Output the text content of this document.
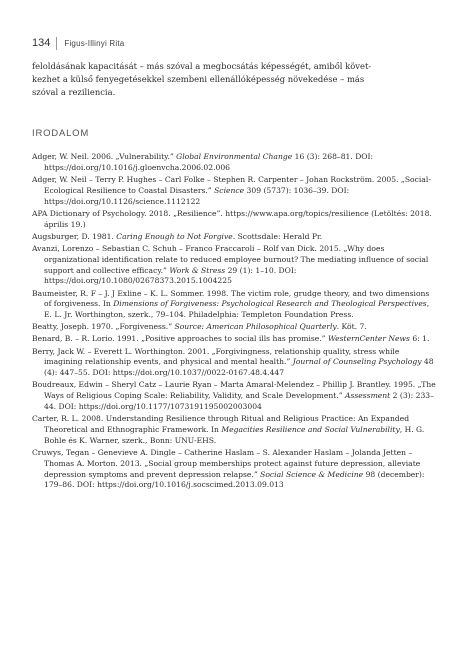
134	Figus-Illinyi Rita
feloldásának kapacitását – más szóval a megbocsátás képességét, amiből követ-
kezhet a külső fenyegetésekkel szembeni ellenállóképesség növekedése – más
szóval a reziliencia.
IRODALOM

Adger, W. Neil. 2006. „Vulnerability.” Global Environmental Change 16 (3): 268–81. DOI: https://doi.org/10.1016/j.gloenvcha.2006.02.006

Adger, W. Neil – Terry P. Hughes – Carl Folke – Stephen R. Carpenter – Johan Rockström. 2005. „Social-Ecological Resilience to Coastal Disasters.” Science 309 (5737): 1036–39. DOI: https://doi.org/10.1126/science.1112122

APA Dictionary of Psychology. 2018. „Resilience”. https://www.apa.org/topics/resilience (Letöltés: 2018. április 19.)

Augsburger, D. 1981. Caring Enough to Not Forgive. Scottsdale: Herald Pr.

Avanzi, Lorenzo – Sebastian C. Schuh – Franco Fraccaroli – Rolf van Dick. 2015. „Why does organizational identification relate to reduced employee burnout? The mediating influence of social support and collective efficacy.” Work & Stress 29 (1): 1–10. DOI: https://doi.org/10.1080/02678373.2015.1004225

Baumeister, R. F – J. J Exline – K. L. Sommer. 1998. The victim role, grudge theory, and two dimensions of forgiveness. In Dimensions of Forgiveness: Psychological Research and Theological Perspectives, E. L. Jr. Worthington, szerk., 79–104. Philadelphia: Templeton Foundation Press.

Beatty, Joseph. 1970. „Forgiveness.” Source: American Philosophical Quarterly. Köt. 7.

Benard, B. – R. Lorio. 1991. „Positive approaches to social ills has promise.” WesternCenter News 6: 1.

Berry, Jack W. – Everett L. Worthington. 2001. „Forgivingness, relationship quality, stress while imagining relationship events, and physical and mental health.” Journal of Counseling Psychology 48 (4): 447–55. DOI: https://doi.org/10.1037//0022-0167.48.4.447

Boudreaux, Edwin – Sheryl Catz – Laurie Ryan – Marta Amaral-Melendez – Phillip J. Brantley. 1995. „The Ways of Religious Coping Scale: Reliability, Validity, and Scale Development.” Assessment 2 (3): 233–44. DOI: https://doi.org/10.1177/1073191195002003004

Carter, R. L. 2008. Understanding Resilience through Ritual and Religious Practice: An Expanded Theoretical and Ethnographic Framework. In Megacities Resilience and Social Vulnerability, H. G. Bohle és K. Warner, szerk., Bonn: UNU-EHS.

Cruwys, Tegan – Genevieve A. Dingle – Catherine Haslam – S. Alexander Haslam – Jolanda Jetten – Thomas A. Morton. 2013. „Social group memberships protect against future depression, alleviate depression symptoms and prevent depression relapse.” Social Science & Medicine 98 (december): 179–86. DOI: https://doi.org/10.1016/j.socscimed.2013.09.013
